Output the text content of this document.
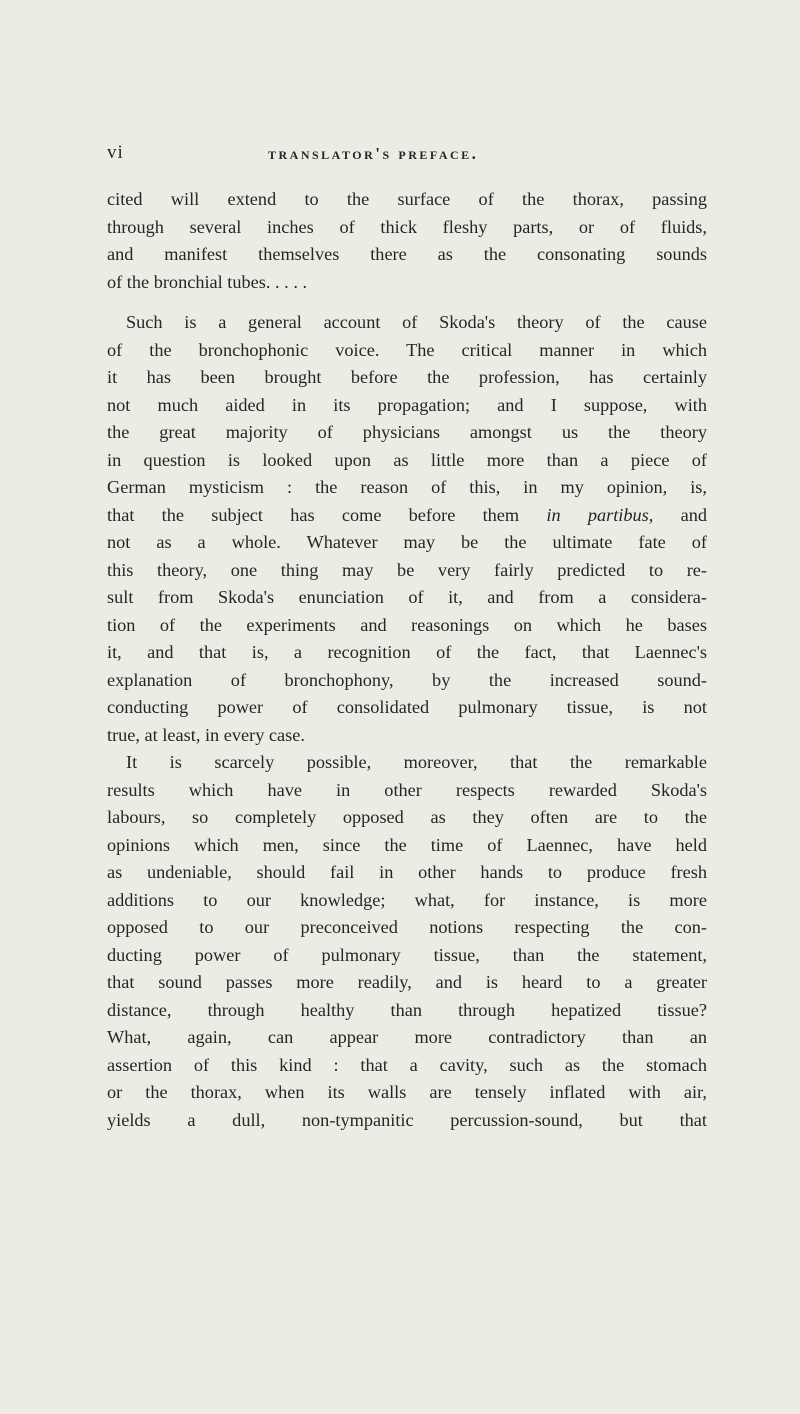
vi	translator's preface.
cited will extend to the surface of the thorax, passing
through several inches of thick fleshy parts, or of fluids,
and manifest themselves there as the consonating sounds
of the bronchial tubes. . . . .
Such is a general account of Skoda's theory of the cause
of the bronchophonic voice. The critical manner in which
it has been brought before the profession, has certainly
not much aided in its propagation; and I suppose, with
the great majority of physicians amongst us the theory
in question is looked upon as little more than a piece of
German mysticism : the reason of this, in my opinion, is,
that the subject has come before them in partibus, and
not as a whole. Whatever may be the ultimate fate of
this theory, one thing may be very fairly predicted to re-
sult from Skoda's enunciation of it, and from a considera-
tion of the experiments and reasonings on which he bases
it, and that is, a recognition of the fact, that Laennec's
explanation of bronchophony, by the increased sound-
conducting power of consolidated pulmonary tissue, is not
true, at least, in every case.
It is scarcely possible, moreover, that the remarkable
results which have in other respects rewarded Skoda's
labours, so completely opposed as they often are to the
opinions which men, since the time of Laennec, have held
as undeniable, should fail in other hands to produce fresh
additions to our knowledge; what, for instance, is more
opposed to our preconceived notions respecting the con-
ducting power of pulmonary tissue, than the statement,
that sound passes more readily, and is heard to a greater
distance, through healthy than through hepatized tissue?
What, again, can appear more contradictory than an
assertion of this kind : that a cavity, such as the stomach
or the thorax, when its walls are tensely inflated with air,
yields a dull, non-tympanitic percussion-sound, but that
